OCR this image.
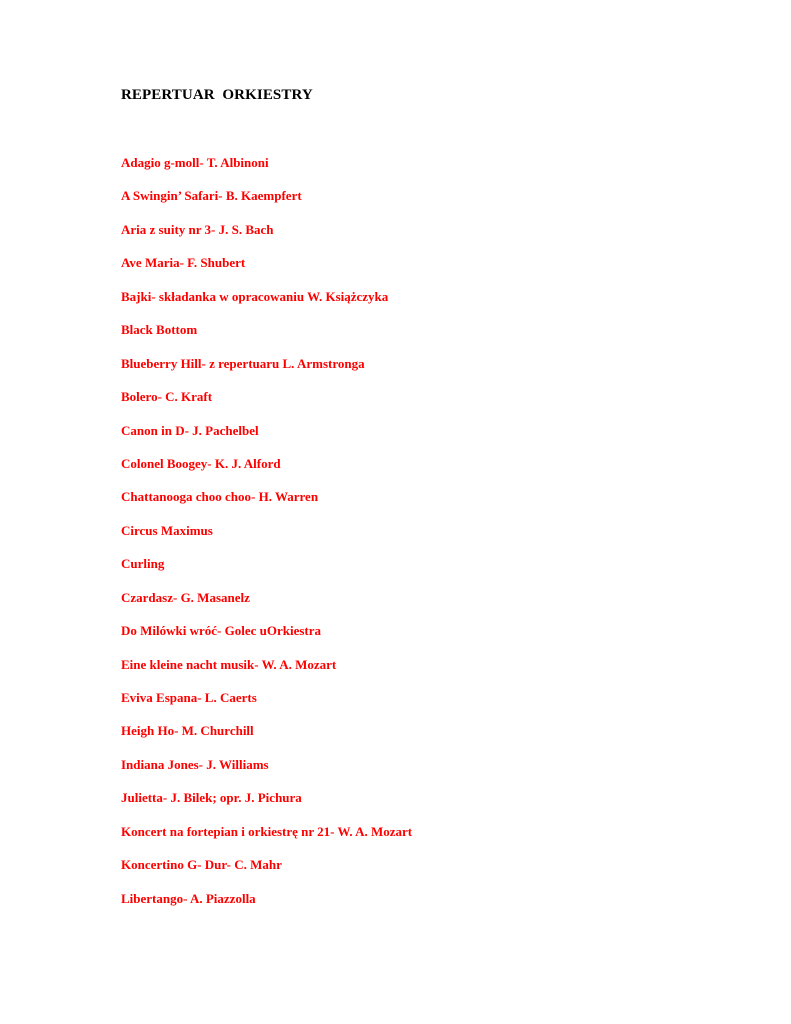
REPERTUAR  ORKIESTRY
Adagio g-moll- T. Albinoni
A Swingin’ Safari- B. Kaempfert
Aria z suity nr 3- J. S. Bach
Ave Maria- F. Shubert
Bajki- składanka w opracowaniu W. Książczyka
Black Bottom
Blueberry Hill- z repertuaru L. Armstronga
Bolero- C. Kraft
Canon in D- J. Pachelbel
Colonel Boogey- K. J. Alford
Chattanooga choo choo- H. Warren
Circus Maximus
Curling
Czardasz- G. Masanelz
Do Milówki wróć- Golec uOrkiestra
Eine kleine nacht musik- W. A. Mozart
Eviva Espana- L. Caerts
Heigh Ho- M. Churchill
Indiana Jones- J. Williams
Julietta- J. Bilek; opr. J. Pichura
Koncert na fortepian i orkiestrę nr 21- W. A. Mozart
Koncertino G- Dur- C. Mahr
Libertango- A. Piazzolla
